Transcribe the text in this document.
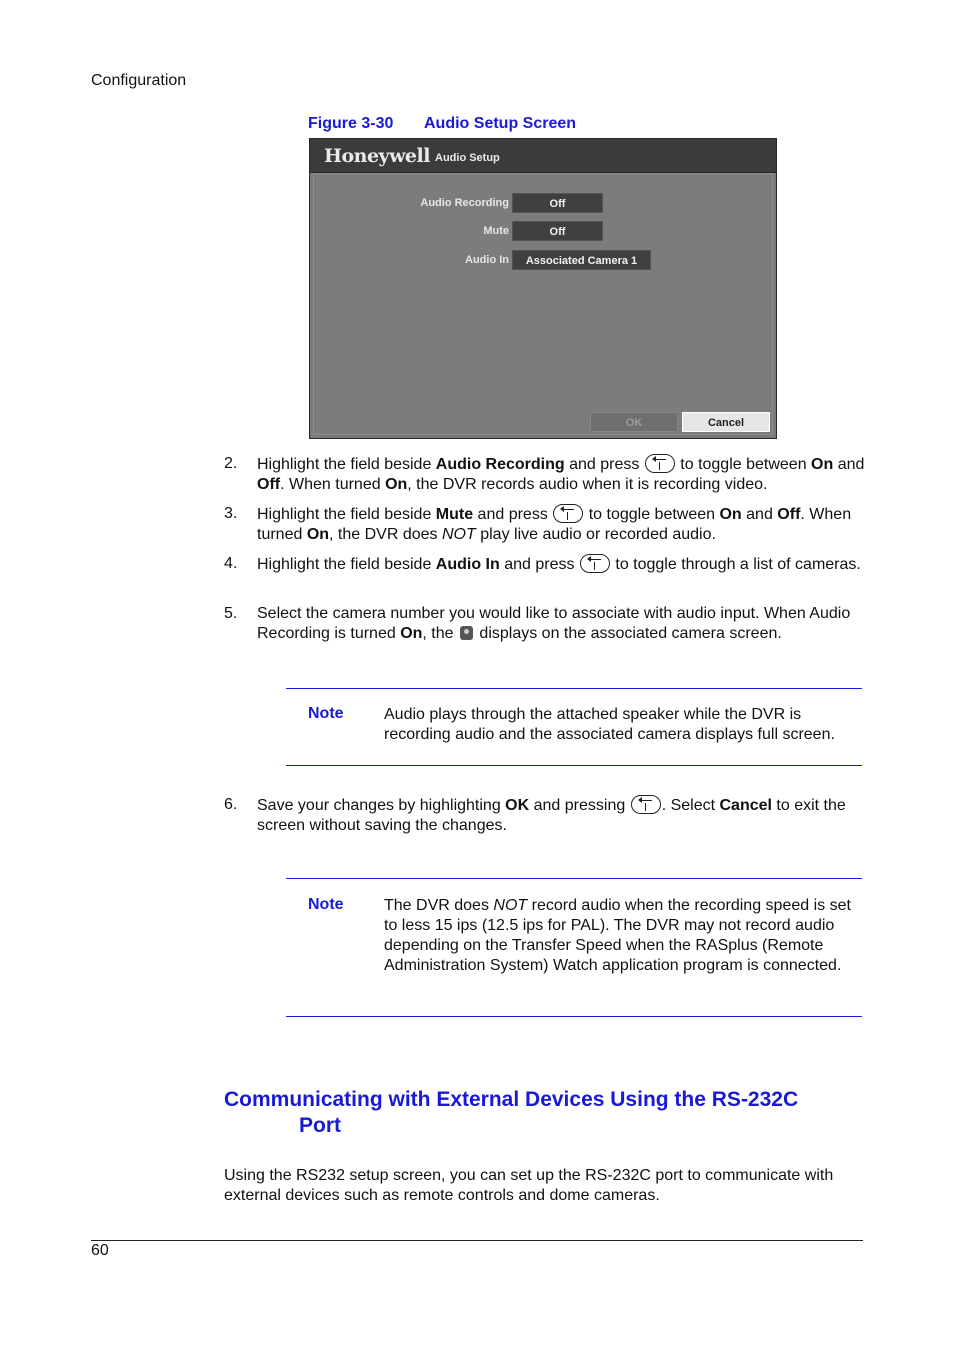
Configuration
Figure 3-30 Audio Setup Screen
Honeywell Audio Setup
Audio Recording	Off
Mute	Off
Audio In	Associated Camera 1
OK	Cancel
2. Highlight the field beside Audio Recording and press
to toggle between On and Off. When turned On, the DVR records audio when it is recording video.
3. Highlight the field beside Mute and press
to toggle between On and Off. When turned On, the DVR does NOT play live audio or recorded audio.
4. Highlight the field beside Audio In and press
to toggle through a list of cameras.
5. Select the camera number you would like to associate with audio input. When Audio Recording is turned On, the  displays on the associated camera screen.
Note	Audio plays through the attached speaker while the DVR is recording audio and the associated camera displays full screen.
6. Save your changes by highlighting OK and pressing
. Select Cancel to exit the screen without saving the changes.
Note	The DVR does NOT record audio when the recording speed is set to less 15 ips (12.5 ips for PAL). The DVR may not record audio depending on the Transfer Speed when the RASplus (Remote Administration System) Watch application program is connected.
Communicating with External Devices Using the RS-232C
Port
Using the RS232 setup screen, you can set up the RS-232C port to communicate with external devices such as remote controls and dome cameras.
60
